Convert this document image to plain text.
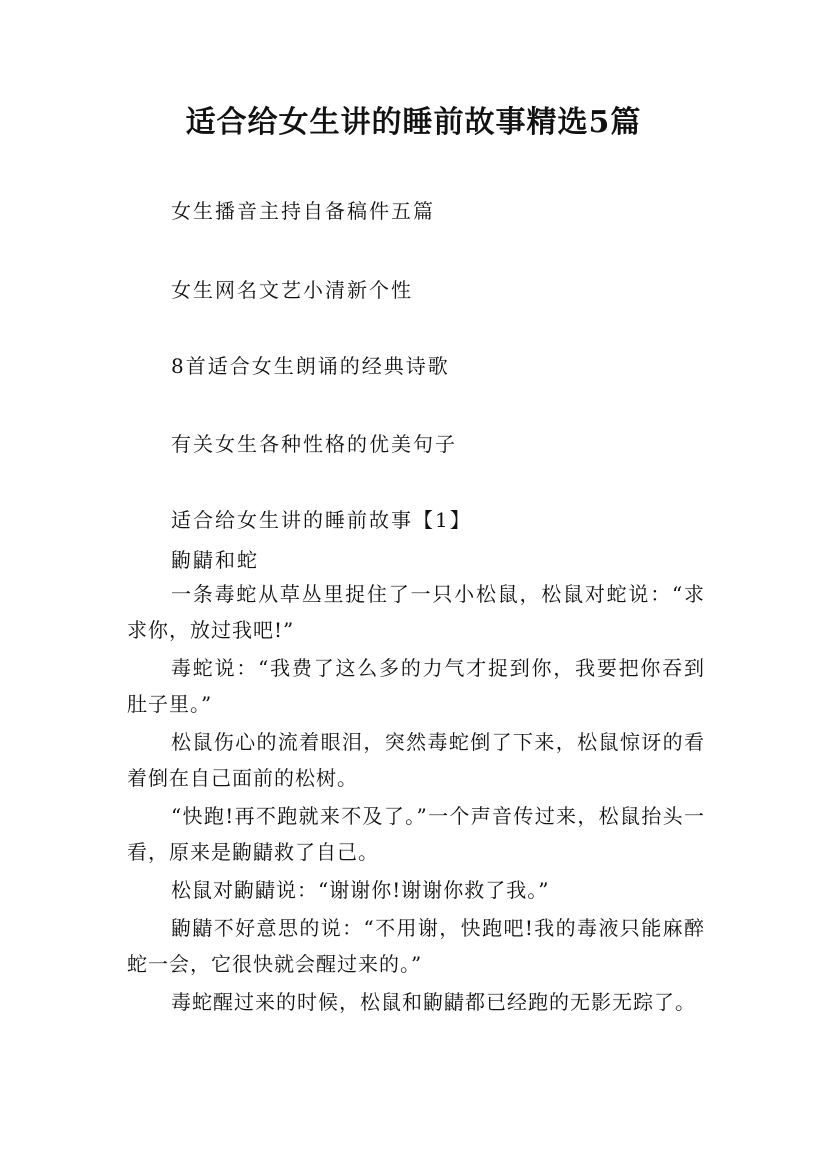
适合给女生讲的睡前故事精选5篇

女生播音主持自备稿件五篇

女生网名文艺小清新个性

8首适合女生朗诵的经典诗歌

有关女生各种性格的优美句子

适合给女生讲的睡前故事【1】

鼩鼱和蛇

一条毒蛇从草丛里捉住了一只小松鼠，松鼠对蛇说：“求求你，放过我吧!”

毒蛇说：“我费了这么多的力气才捉到你，我要把你吞到肚子里。”

松鼠伤心的流着眼泪，突然毒蛇倒了下来，松鼠惊讶的看着倒在自己面前的松树。

“快跑!再不跑就来不及了。”一个声音传过来，松鼠抬头一看，原来是鼩鼱救了自己。

松鼠对鼩鼱说：“谢谢你!谢谢你救了我。”

鼩鼱不好意思的说：“不用谢，快跑吧!我的毒液只能麻醉蛇一会，它很快就会醒过来的。”

毒蛇醒过来的时候，松鼠和鼩鼱都已经跑的无影无踪了。
